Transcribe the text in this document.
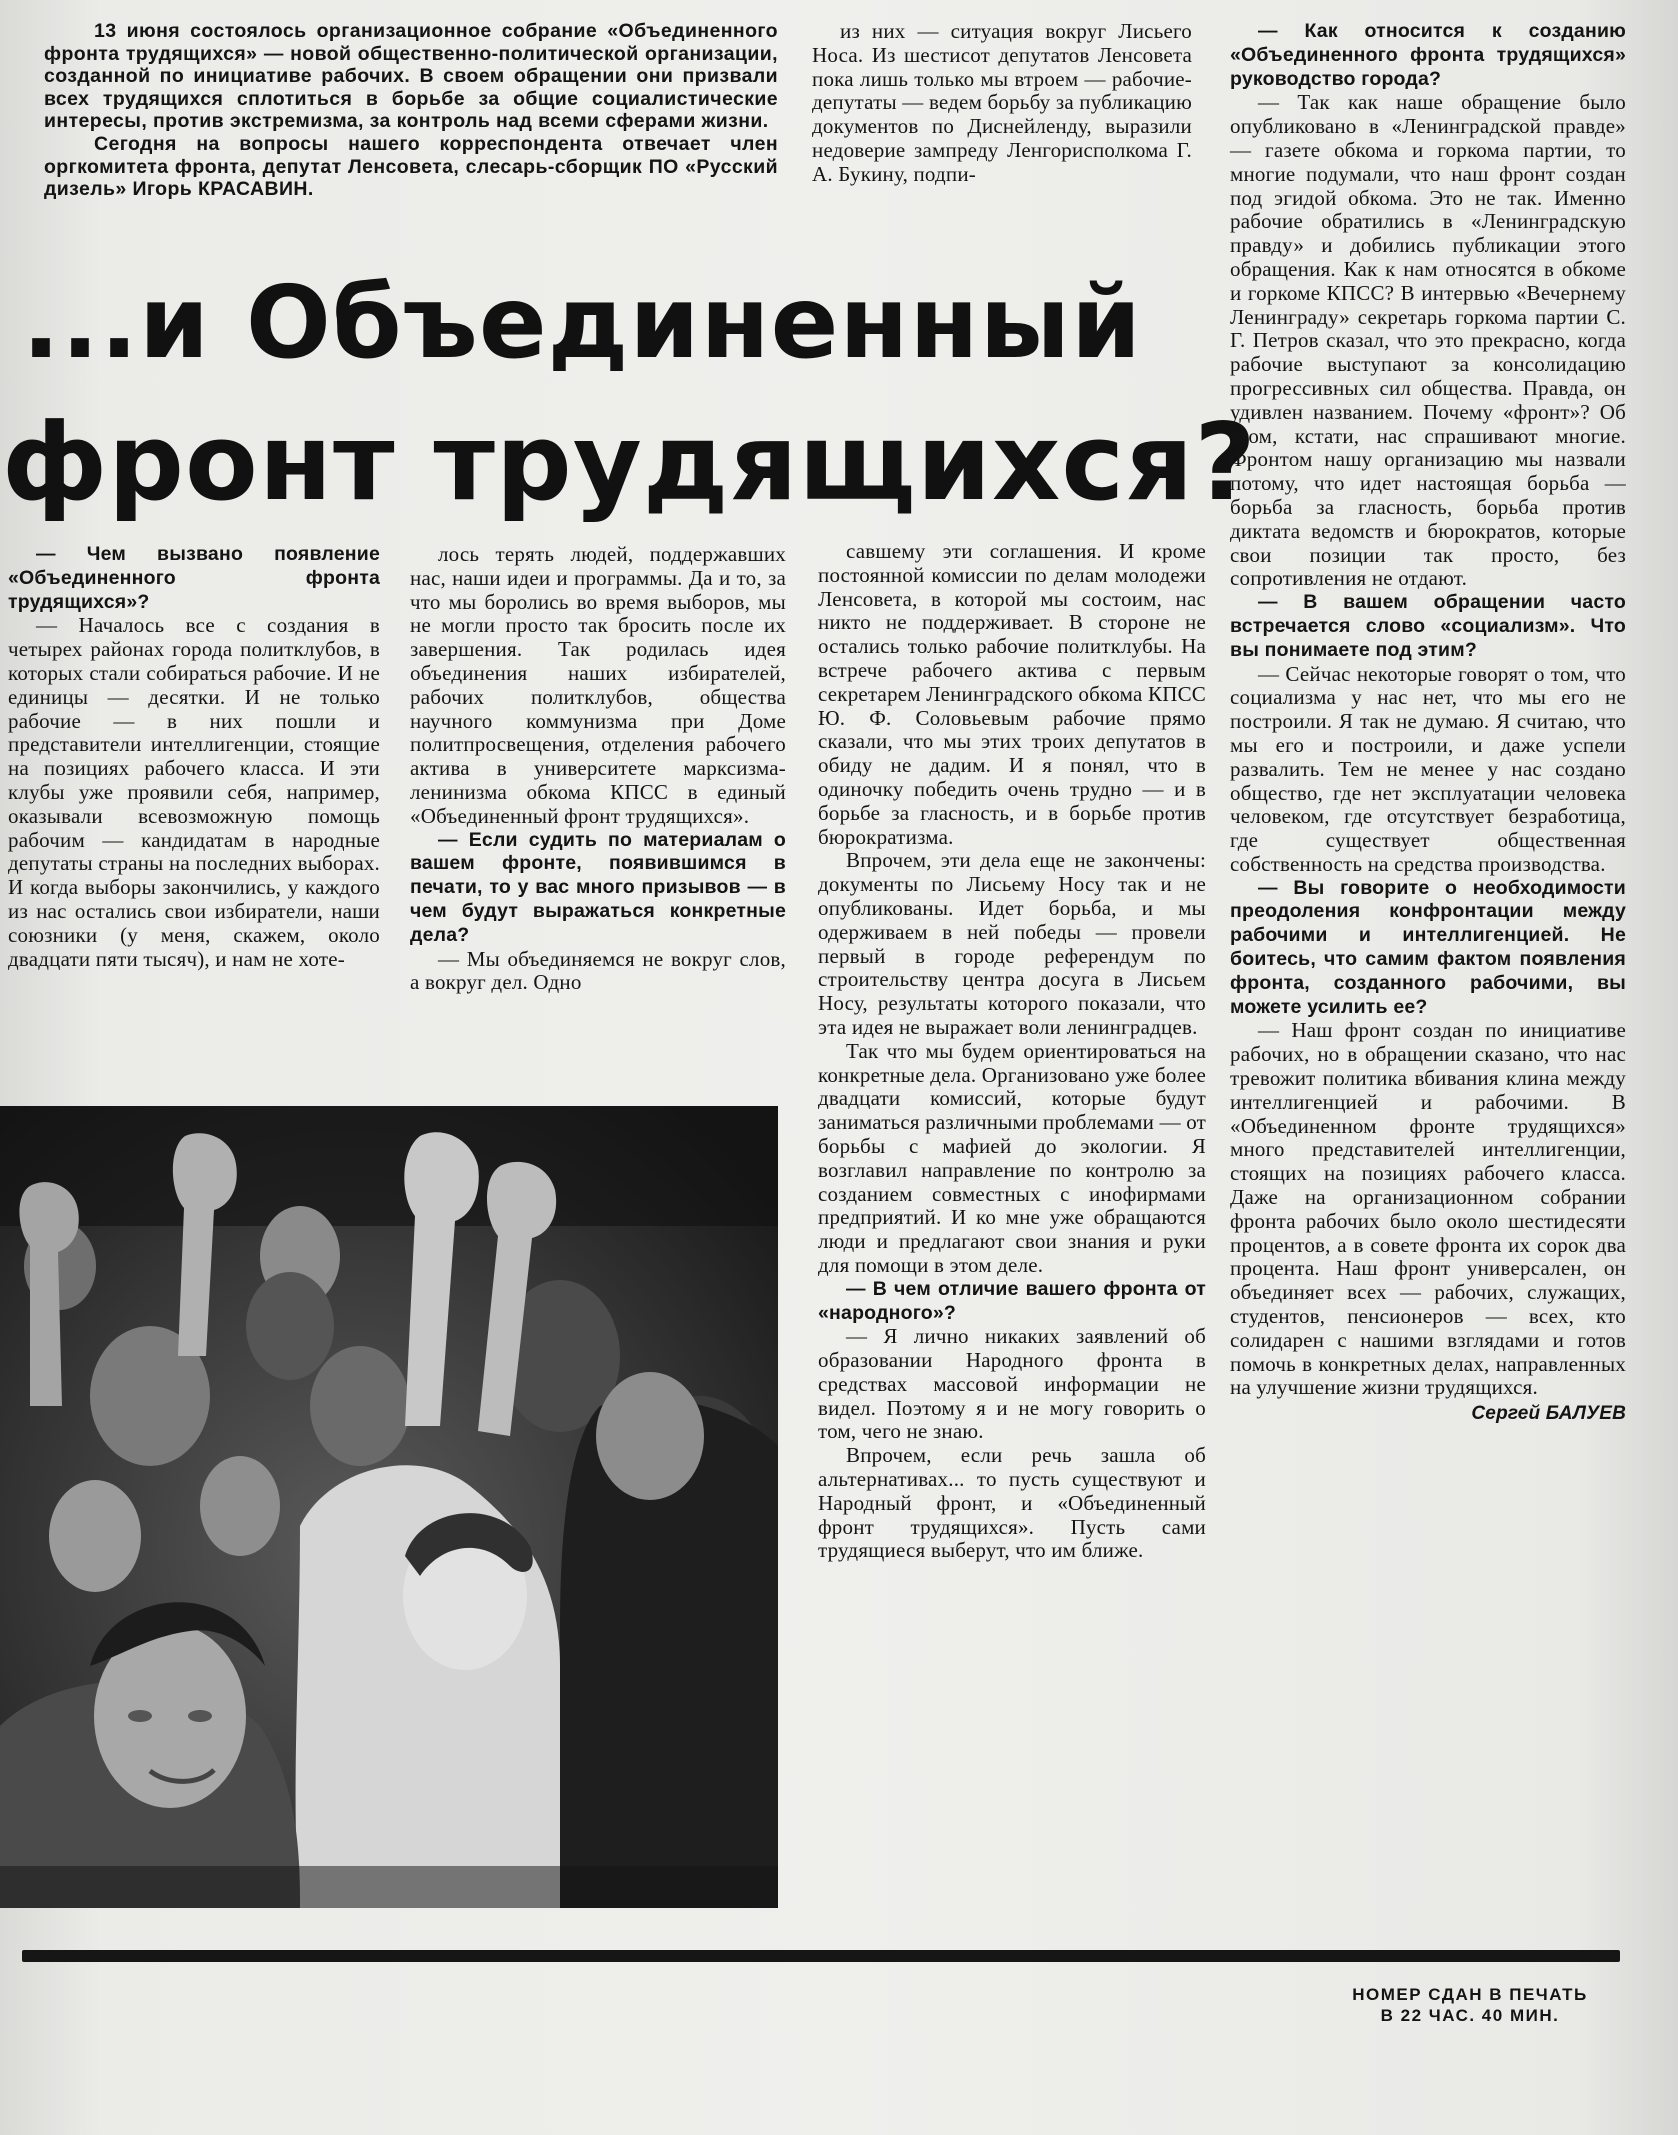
13 июня состоялось организационное собрание «Объединенного фронта трудящихся» — новой общественно-политической организации, созданной по инициативе рабочих. В своем обращении они призвали всех трудящихся сплотиться в борьбе за общие социалистические интересы, против экстремизма, за контроль над всеми сферами жизни.

Сегодня на вопросы нашего корреспондента отвечает член оргкомитета фронта, депутат Ленсовета, слесарь-сборщик ПО «Русский дизель» Игорь КРАСАВИН.

из них — ситуация вокруг Лисьего Носа. Из шестисот депутатов Ленсовета пока лишь только мы втроем — рабочие-депутаты — ведем борьбу за публикацию документов по Диснейленду, выразили недоверие зампреду Ленгорисполкома Г. А. Букину, подпи-

...и Объединенный
фронт трудящихся?

— Чем вызвано появление «Объединенного фронта трудящихся»?

— Началось все с создания в четырех районах города политклубов, в которых стали собираться рабочие. И не единицы — десятки. И не только рабочие — в них пошли и представители интеллигенции, стоящие на позициях рабочего класса. И эти клубы уже проявили себя, например, оказывали всевозможную помощь рабочим — кандидатам в народные депутаты страны на последних выборах. И когда выборы закончились, у каждого из нас остались свои избиратели, наши союзники (у меня, скажем, около двадцати пяти тысяч), и нам не хоте-

лось терять людей, поддержавших нас, наши идеи и программы. Да и то, за что мы боролись во время выборов, мы не могли просто так бросить после их завершения. Так родилась идея объединения наших избирателей, рабочих политклубов, общества научного коммунизма при Доме политпросвещения, отделения рабочего актива в университете марксизма-ленинизма обкома КПСС в единый «Объединенный фронт трудящихся».

— Если судить по материалам о вашем фронте, появившимся в печати, то у вас много призывов — в чем будут выражаться конкретные дела?

— Мы объединяемся не вокруг слов, а вокруг дел. Одно

савшему эти соглашения. И кроме постоянной комиссии по делам молодежи Ленсовета, в которой мы состоим, нас никто не поддерживает. В стороне не остались только рабочие политклубы. На встрече рабочего актива с первым секретарем Ленинградского обкома КПСС Ю. Ф. Соловьевым рабочие прямо сказали, что мы этих троих депутатов в обиду не дадим. И я понял, что в одиночку победить очень трудно — и в борьбе за гласность, и в борьбе против бюрократизма.

Впрочем, эти дела еще не закончены: документы по Лисьему Носу так и не опубликованы. Идет борьба, и мы одерживаем в ней победы — провели первый в городе референдум по строительству центра досуга в Лисьем Носу, результаты которого показали, что эта идея не выражает воли ленинградцев.

Так что мы будем ориентироваться на конкретные дела. Организовано уже более двадцати комиссий, которые будут заниматься различными проблемами — от борьбы с мафией до экологии. Я возглавил направление по контролю за созданием совместных с инофирмами предприятий. И ко мне уже обращаются люди и предлагают свои знания и руки для помощи в этом деле.

— В чем отличие вашего фронта от «народного»?

— Я лично никаких заявлений об образовании Народного фронта в средствах массовой информации не видел. Поэтому я и не могу говорить о том, чего не знаю.

Впрочем, если речь зашла об альтернативах... то пусть существуют и Народный фронт, и «Объединенный фронт трудящихся». Пусть сами трудящиеся выберут, что им ближе.

— Как относится к созданию «Объединенного фронта трудящихся» руководство города?

— Так как наше обращение было опубликовано в «Ленинградской правде» — газете обкома и горкома партии, то многие подумали, что наш фронт создан под эгидой обкома. Это не так. Именно рабочие обратились в «Ленинградскую правду» и добились публикации этого обращения. Как к нам относятся в обкоме и горкоме КПСС? В интервью «Вечернему Ленинграду» секретарь горкома партии С. Г. Петров сказал, что это прекрасно, когда рабочие выступают за консолидацию прогрессивных сил общества. Правда, он удивлен названием. Почему «фронт»? Об этом, кстати, нас спрашивают многие. Фронтом нашу организацию мы назвали потому, что идет настоящая борьба — борьба за гласность, борьба против диктата ведомств и бюрократов, которые свои позиции так просто, без сопротивления не отдают.

— В вашем обращении часто встречается слово «социализм». Что вы понимаете под этим?

— Сейчас некоторые говорят о том, что социализма у нас нет, что мы его не построили. Я так не думаю. Я считаю, что мы его и построили, и даже успели развалить. Тем не менее у нас создано общество, где нет эксплуатации человека человеком, где отсутствует безработица, где существует общественная собственность на средства производства.

— Вы говорите о необходимости преодоления конфронтации между рабочими и интеллигенцией. Не боитесь, что самим фактом появления фронта, созданного рабочими, вы можете усилить ее?

— Наш фронт создан по инициативе рабочих, но в обращении сказано, что нас тревожит политика вбивания клина между интеллигенцией и рабочими. В «Объединенном фронте трудящихся» много представителей интеллигенции, стоящих на позициях рабочего класса. Даже на организационном собрании фронта рабочих было около шестидесяти процентов, а в совете фронта их сорок два процента. Наш фронт универсален, он объединяет всех — рабочих, служащих, студентов, пенсионеров — всех, кто солидарен с нашими взглядами и готов помочь в конкретных делах, направленных на улучшение жизни трудящихся.

Сергей БАЛУЕВ

НОМЕР СДАН В ПЕЧАТЬ
В 22 ЧАС. 40 МИН.
